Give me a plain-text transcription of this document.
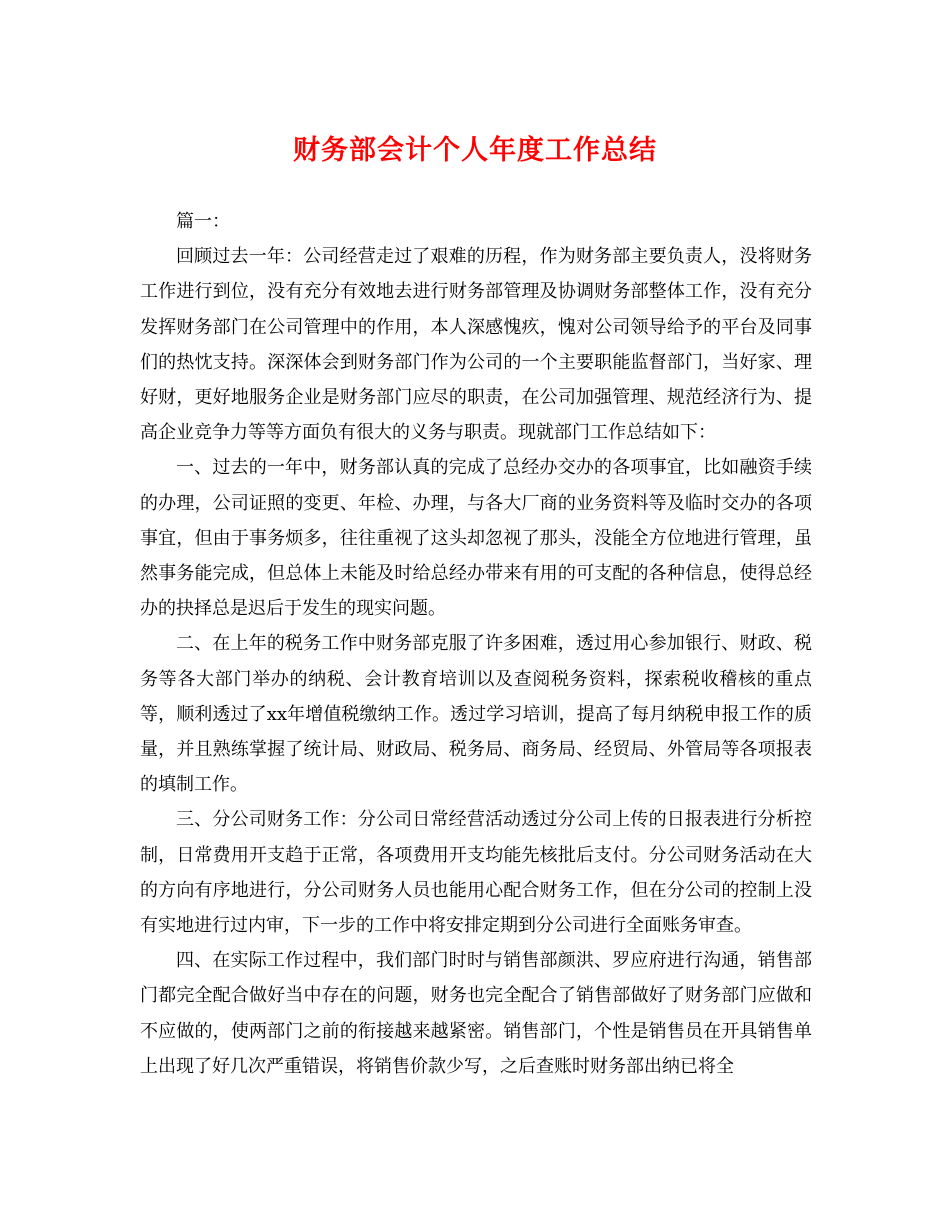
财务部会计个人年度工作总结

篇一：

回顾过去一年：公司经营走过了艰难的历程，作为财务部主要负责人，没将财务工作进行到位，没有充分有效地去进行财务部管理及协调财务部整体工作，没有充分发挥财务部门在公司管理中的作用，本人深感愧疚，愧对公司领导给予的平台及同事们的热忱支持。深深体会到财务部门作为公司的一个主要职能监督部门，当好家、理好财，更好地服务企业是财务部门应尽的职责，在公司加强管理、规范经济行为、提高企业竞争力等等方面负有很大的义务与职责。现就部门工作总结如下：

一、过去的一年中，财务部认真的完成了总经办交办的各项事宜，比如融资手续的办理，公司证照的变更、年检、办理，与各大厂商的业务资料等及临时交办的各项事宜，但由于事务烦多，往往重视了这头却忽视了那头，没能全方位地进行管理，虽然事务能完成，但总体上未能及时给总经办带来有用的可支配的各种信息，使得总经办的抉择总是迟后于发生的现实问题。

二、在上年的税务工作中财务部克服了许多困难，透过用心参加银行、财政、税务等各大部门举办的纳税、会计教育培训以及查阅税务资料，探索税收稽核的重点等，顺利透过了xx年增值税缴纳工作。透过学习培训，提高了每月纳税申报工作的质量，并且熟练掌握了统计局、财政局、税务局、商务局、经贸局、外管局等各项报表的填制工作。

三、分公司财务工作：分公司日常经营活动透过分公司上传的日报表进行分析控制，日常费用开支趋于正常，各项费用开支均能先核批后支付。分公司财务活动在大的方向有序地进行，分公司财务人员也能用心配合财务工作，但在分公司的控制上没有实地进行过内审，下一步的工作中将安排定期到分公司进行全面账务审查。

四、在实际工作过程中，我们部门时时与销售部颜洪、罗应府进行沟通，销售部门都完全配合做好当中存在的问题，财务也完全配合了销售部做好了财务部门应做和不应做的，使两部门之前的衔接越来越紧密。销售部门，个性是销售员在开具销售单上出现了好几次严重错误，将销售价款少写，之后查账时财务部出纳已将全
